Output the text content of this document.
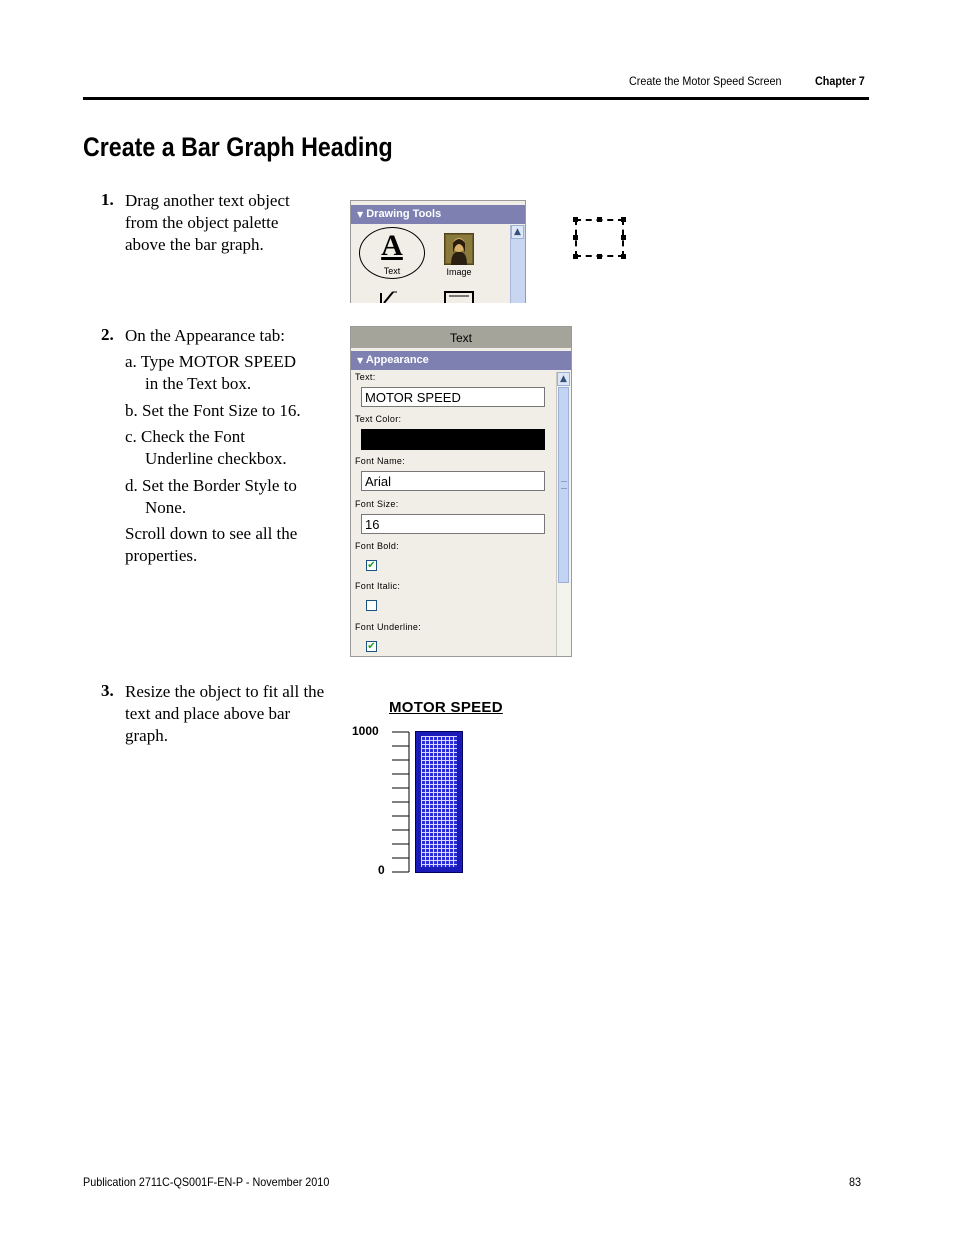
Create the Motor Speed Screen	Chapter 7
Create a Bar Graph Heading
1. Drag another text object
from the object palette
above the bar graph.
▼ Drawing Tools
A
Text	Image
▲
2. On the Appearance tab:
a. Type MOTOR SPEED
in the Text box.
b. Set the Font Size to 16.
c. Check the Font
Underline checkbox.
d. Set the Border Style to
None.
Scroll down to see all the
properties.
Text
▼ Appearance
Text:
MOTOR SPEED
Text Color:
Font Name:
Arial
Font Size:
16
Font Bold:
✔
Font Italic:
Font Underline:
✔
▲
3. Resize the object to fit all the
text and place above bar
graph.
MOTOR SPEED
1000
0
Publication 2711C-QS001F-EN-P - November 2010	83
